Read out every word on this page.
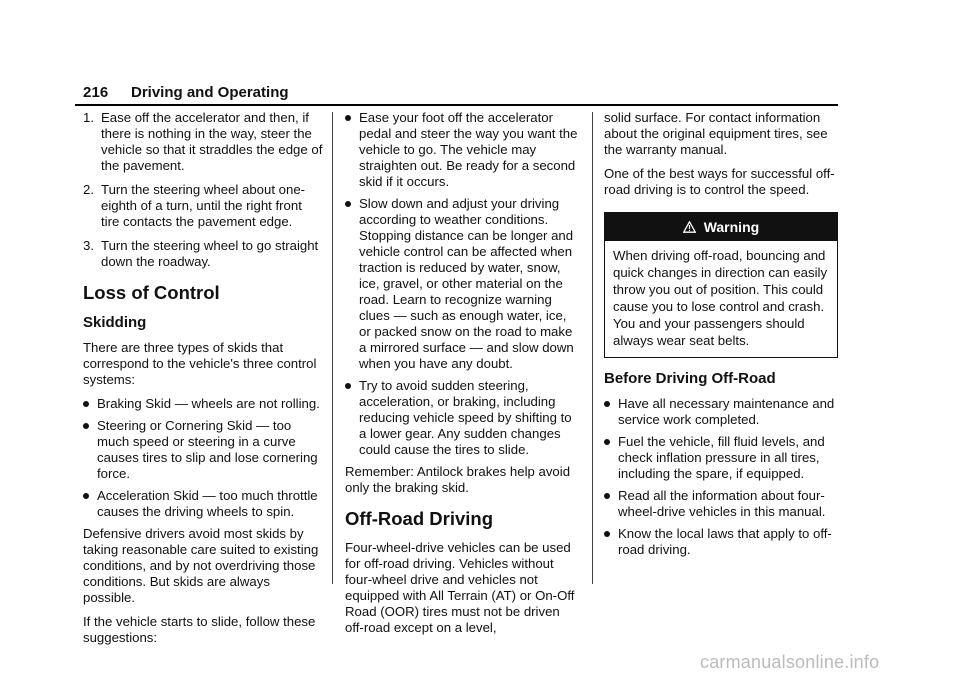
216 Driving and Operating
1. Ease off the accelerator and then, if there is nothing in the way, steer the vehicle so that it straddles the edge of the pavement.
2. Turn the steering wheel about one-eighth of a turn, until the right front tire contacts the pavement edge.
3. Turn the steering wheel to go straight down the roadway.
Loss of Control
Skidding

There are three types of skids that correspond to the vehicle's three control systems:

Braking Skid — wheels are not rolling.
Steering or Cornering Skid — too much speed or steering in a curve causes tires to slip and lose cornering force.
Acceleration Skid — too much throttle causes the driving wheels to spin.

Defensive drivers avoid most skids by taking reasonable care suited to existing conditions, and by not overdriving those conditions. But skids are always possible.

If the vehicle starts to slide, follow these suggestions:

Ease your foot off the accelerator pedal and steer the way you want the vehicle to go. The vehicle may straighten out. Be ready for a second skid if it occurs.
Slow down and adjust your driving according to weather conditions. Stopping distance can be longer and vehicle control can be affected when traction is reduced by water, snow, ice, gravel, or other material on the road. Learn to recognize warning clues — such as enough water, ice, or packed snow on the road to make a mirrored surface — and slow down when you have any doubt.
Try to avoid sudden steering, acceleration, or braking, including reducing vehicle speed by shifting to a lower gear. Any sudden changes could cause the tires to slide.

Remember: Antilock brakes help avoid only the braking skid.

Off-Road Driving

Four-wheel-drive vehicles can be used for off-road driving. Vehicles without four-wheel drive and vehicles not equipped with All Terrain (AT) or On-Off Road (OOR) tires must not be driven off-road except on a level,

solid surface. For contact information about the original equipment tires, see the warranty manual.

One of the best ways for successful off-road driving is to control the speed.

Warning
When driving off-road, bouncing and quick changes in direction can easily throw you out of position. This could cause you to lose control and crash. You and your passengers should always wear seat belts.
Before Driving Off-Road
Have all necessary maintenance and service work completed.
Fuel the vehicle, fill fluid levels, and check inflation pressure in all tires, including the spare, if equipped.
Read all the information about four-wheel-drive vehicles in this manual.
Know the local laws that apply to off-road driving.
carmanualsonline.info
